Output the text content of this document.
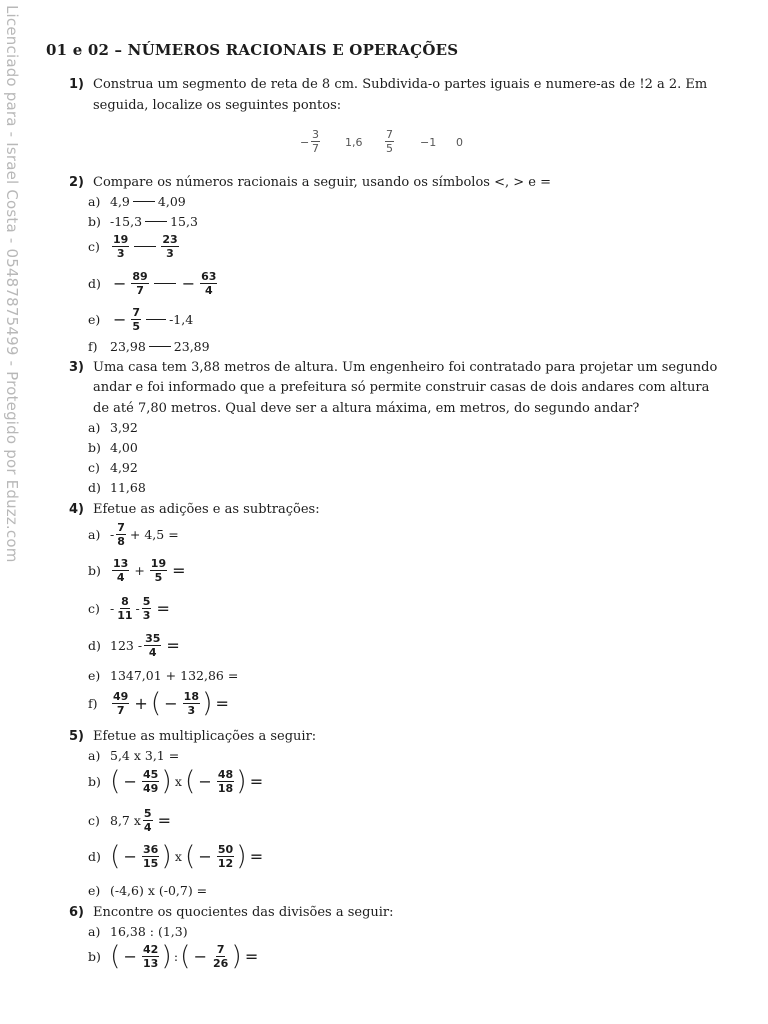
Licenciado para - Israel Costa - 05487875499 - Protegido por Eduzz.com 01 e 02 – NÚMEROS RACIONAIS E OPERAÇÕES
1) Construa um segmento de reta de 8 cm. Subdivida-o partes iguais e numere-as de !2 a 2. Em
seguida, localize os seguintes pontos:
− $\frac{3}{7} 1,6 \frac{7}{5} -1$ 0
2) Compare os números racionais a seguir, usando os símbolos <, > e =
a) 4,9 4,09
b) -15,3 15,3
c)	$\frac{19}{3}$	$\frac{23}{3}$
$d) - \frac{89}{7} - \frac{63}{4}$
$e) - \frac{7}{5} -1,4$
f) 23,98 23,89
3) Uma casa tem 3,88 metros de altura. Um engenheiro foi contratado para projetar um segundo
andar e foi informado que a prefeitura só permite construir casas de dois andares com altura
de até 7,80 metros. Qual deve ser a altura máxima, em metros, do segundo andar?
a) 3,92
b) 4,00
c) 4,92
d) 11,68
4) Efetue as adições e as subtrações:
$a) - \frac{7}{8} + 4,5$ =
b)	$\frac{13}{4} + \frac{19}{5}$ =
$c) - \frac{8}{11} - \frac{5}{3}$ =
d) $123 - \frac{35}{4}$ =
e) 1347,01 + 132,86 =
f)	$\frac{49}{7}$ + ( − $\frac{18}{3}$ ) =
5) Efetue as multiplicações a seguir:
a) 5,4 x 3,1 =
b) ( − $\frac{45}{49}$ ) x ( − $\frac{48}{18}$ ) =
c) 8,7 x $\frac{5}{4}$ =
d) ( − $\frac{36}{15}$ ) x ( − $\frac{50}{12}$ ) =
e) (-4,6) x (-0,7) =
6) Encontre os quocientes das divisões a seguir:
a) 16,38 : (1,3)
b) ( − $\frac{42}{13}$ ) : ( − $\frac{7}{26}$ ) =
